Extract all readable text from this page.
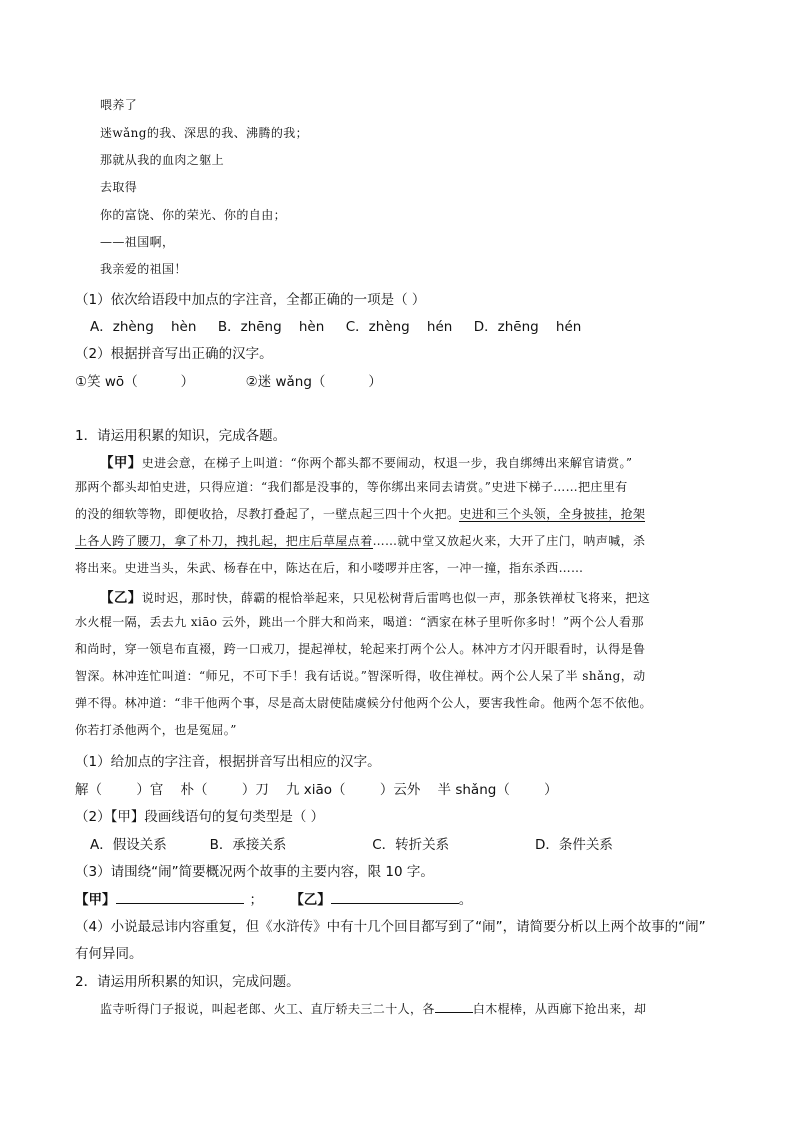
喂养了
迷wǎng的我、深思的我、沸腾的我；
那就从我的血肉之躯上
去取得
你的富饶、你的荣光、你的自由；
——祖国啊，
我亲爱的祖国！
（1）依次给语段中加点的字注音，全都正确的一项是（ ）
A．zhèng    hèn     B．zhēng    hèn     C．zhèng    hén     D．zhēng    hén
（2）根据拼音写出正确的汉字。
①笑 wō（          ）            ②迷 wǎng（          ）
1．请运用积累的知识，完成各题。
【甲】史进会意，在梯子上叫道：“你两个都头都不要闹动，权退一步，我自绑缚出来解官请赏。”
那两个都头却怕史进，只得应道：“我们都是没事的，等你绑出来同去请赏。”史进下梯子……把庄里有
的没的细软等物，即便收拾，尽教打叠起了，一壁点起三四十个火把。史进和三个头领，全身披挂，抢架
上各人跨了腰刀，拿了朴刀，拽扎起，把庄后草屋点着……就中堂又放起火来，大开了庄门，呐声喊，杀
将出来。史进当头，朱武、杨春在中，陈达在后，和小喽啰并庄客，一冲一撞，指东杀西……
【乙】说时迟，那时快，薛霸的棍恰举起来，只见松树背后雷鸣也似一声，那条铁禅杖飞将来，把这
水火棍一隔，丢去九 xiāo 云外，跳出一个胖大和尚来，喝道：“洒家在林子里听你多时！”两个公人看那
和尚时，穿一领皂布直裰，跨一口戒刀，提起禅杖，轮起来打两个公人。林冲方才闪开眼看时，认得是鲁
智深。林冲连忙叫道：“师兄，不可下手！我有话说。”智深听得，收住禅杖。两个公人呆了半 shǎng，动
弹不得。林冲道：“非干他两个事，尽是高太尉使陆虞候分付他两个公人，要害我性命。他两个怎不依他。
你若打杀他两个，也是冤屈。”
（1）给加点的字注音，根据拼音写出相应的汉字。
解（        ）官    朴（        ）刀    九 xiāo（        ）云外    半 shǎng（        ）
（2）【甲】段画线语句的复句类型是（ ）
A．假设关系          B．承接关系                    C．转折关系                    D．条件关系
（3）请围绕“闹”简要概况两个故事的主要内容，限 10 字。
【甲】	；	【乙】	。
（4）小说最忌讳内容重复，但《水浒传》中有十几个回目都写到了“闹”，请简要分析以上两个故事的“闹”
有何异同。
2．请运用所积累的知识，完成问题。
监寺听得门子报说，叫起老郎、火工、直厅轿夫三二十人，各	白木棍棒，从西廊下抢出来，却
